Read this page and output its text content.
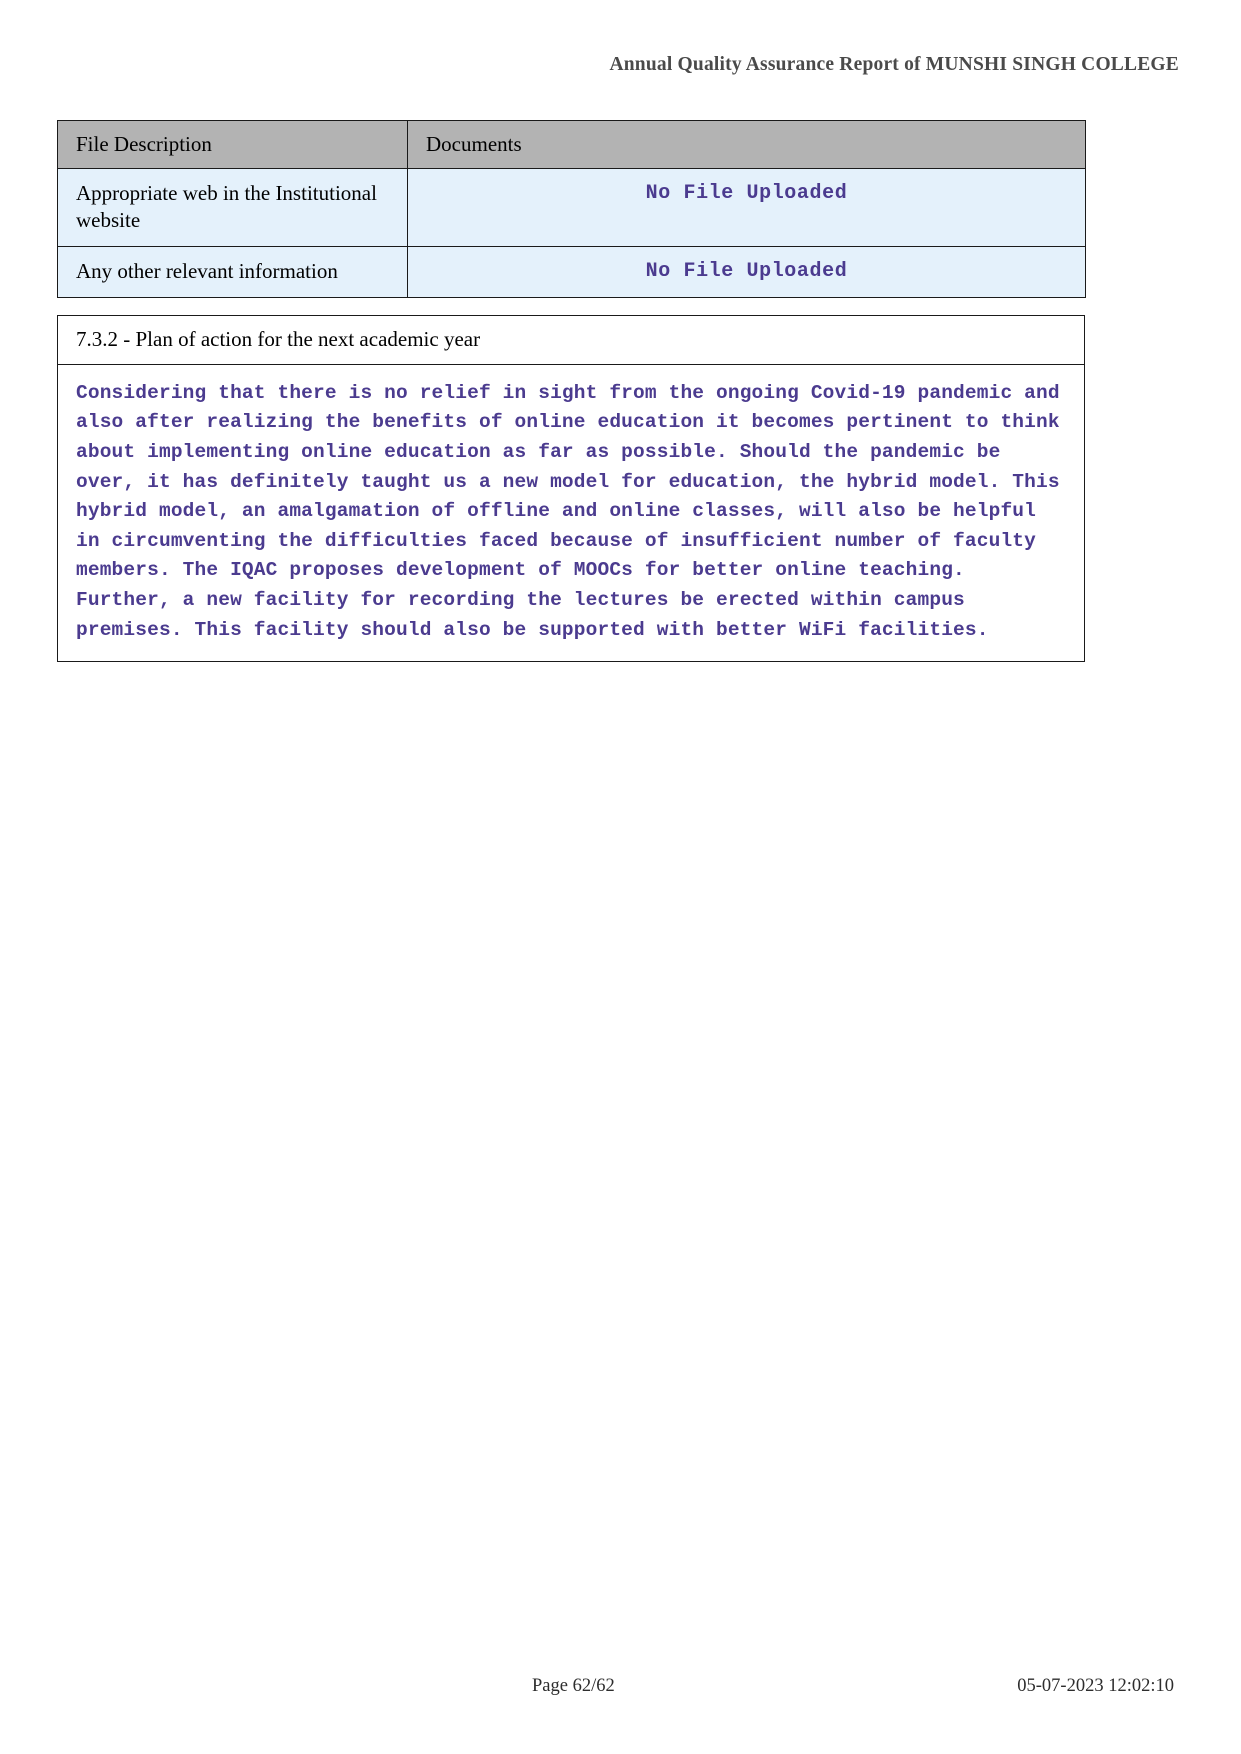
Annual Quality Assurance Report of MUNSHI SINGH COLLEGE
File Description	Documents
Appropriate web in the Institutional website	No File Uploaded
Any other relevant information	No File Uploaded
7.3.2 - Plan of action for the next academic year
Considering that there is no relief in sight from the ongoing Covid-19 pandemic and also after realizing the benefits of online education it becomes pertinent to think about implementing online education as far as possible. Should the pandemic be over, it has definitely taught us a new model for education, the hybrid model. This hybrid model, an amalgamation of offline and online classes, will also be helpful in circumventing the difficulties faced because of insufficient number of faculty members. The IQAC proposes development of MOOCs for better online teaching. Further, a new facility for recording the lectures be erected within campus premises. This facility should also be supported with better WiFi facilities.
Page 62/62	05-07-2023 12:02:10
